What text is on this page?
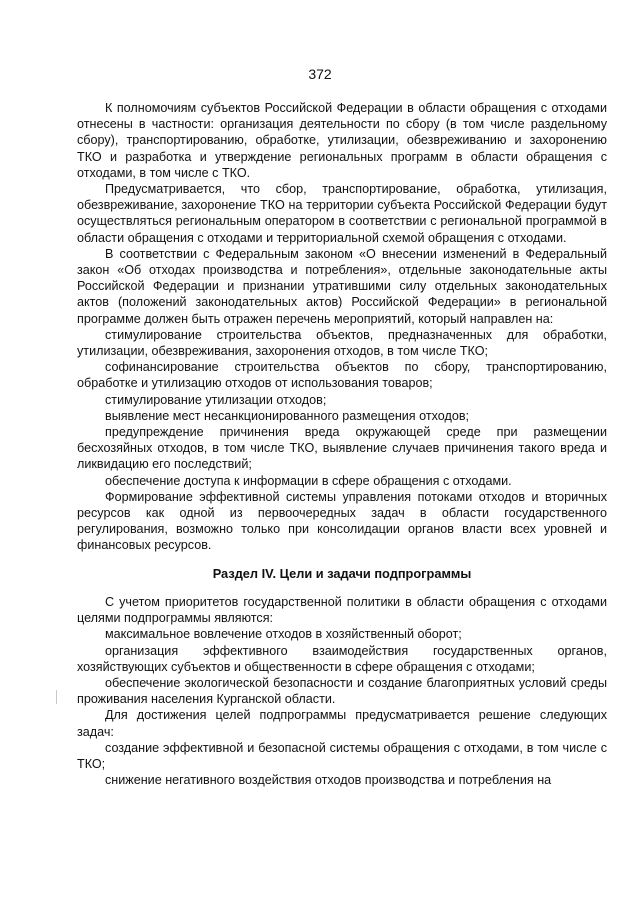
372

К полномочиям субъектов Российской Федерации в области обращения с отходами отнесены в частности: организация деятельности по сбору (в том числе раздельному сбору), транспортированию, обработке, утилизации, обезвреживанию и захоронению ТКО и разработка и утверждение региональных программ в области обращения с отходами, в том числе с ТКО.

Предусматривается, что сбор, транспортирование, обработка, утилизация, обезвреживание, захоронение ТКО на территории субъекта Российской Федерации будут осуществляться региональным оператором в соответствии с региональной программой в области обращения с отходами и территориальной схемой обращения с отходами.

В соответствии с Федеральным законом «О внесении изменений в Федеральный закон «Об отходах производства и потребления», отдельные законодательные акты Российской Федерации и признании утратившими силу отдельных законодательных актов (положений законодательных актов) Российской Федерации» в региональной программе должен быть отражен перечень мероприятий, который направлен на:

стимулирование строительства объектов, предназначенных для обработки, утилизации, обезвреживания, захоронения отходов, в том числе ТКО;

софинансирование строительства объектов по сбору, транспортированию, обработке и утилизацию отходов от использования товаров;

стимулирование утилизации отходов;

выявление мест несанкционированного размещения отходов;

предупреждение причинения вреда окружающей среде при размещении бесхозяйных отходов, в том числе ТКО, выявление случаев причинения такого вреда и ликвидацию его последствий;

обеспечение доступа к информации в сфере обращения с отходами.

Формирование эффективной системы управления потоками отходов и вторичных ресурсов как одной из первоочередных задач в области государственного регулирования, возможно только при консолидации органов власти всех уровней и финансовых ресурсов.

Раздел IV. Цели и задачи подпрограммы

С учетом приоритетов государственной политики в области обращения с отходами целями подпрограммы являются:

максимальное вовлечение отходов в хозяйственный оборот;

организация эффективного взаимодействия государственных органов, хозяйствующих субъектов и общественности в сфере обращения с отходами;

обеспечение экологической безопасности и создание благоприятных условий среды проживания населения Курганской области.

Для достижения целей подпрограммы предусматривается решение следующих задач:

создание эффективной и безопасной системы обращения с отходами, в том числе с ТКО;

снижение негативного воздействия отходов производства и потребления на
